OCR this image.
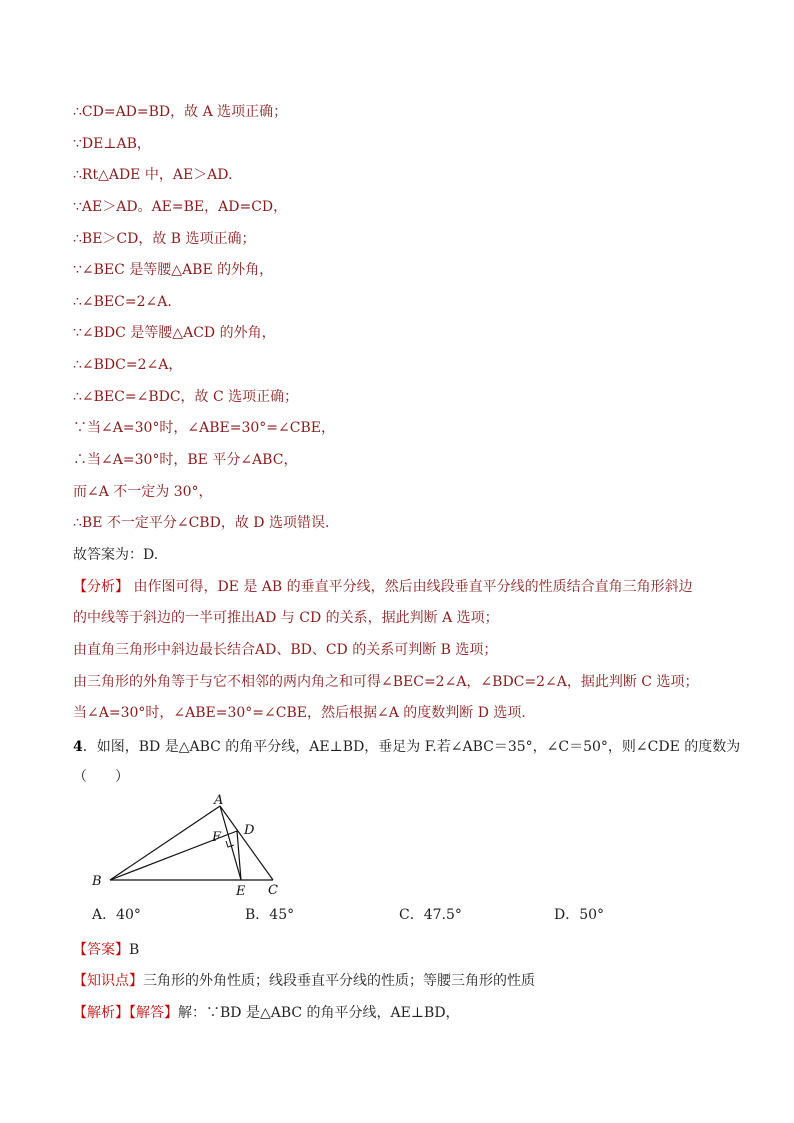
∴CD=AD=BD，故 A 选项正确；
∵DE⊥AB，
∴Rt△ADE 中，AE＞AD.
∵AE＞AD。AE=BE，AD=CD，
∴BE＞CD，故 B 选项正确；
∵∠BEC 是等腰△ABE 的外角，
∴∠BEC=2∠A.
∵∠BDC 是等腰△ACD 的外角，
∴∠BDC=2∠A，
∴∠BEC=∠BDC，故 C 选项正确；
∵当∠A=30°时，∠ABE=30°=∠CBE，
∴当∠A=30°时，BE 平分∠ABC，
而∠A 不一定为 30°，
∴BE 不一定平分∠CBD，故 D 选项错误.
故答案为：D.
【分析】 由作图可得，DE 是 AB 的垂直平分线，然后由线段垂直平分线的性质结合直角三角形斜边
的中线等于斜边的一半可推出AD 与 CD 的关系，据此判断 A 选项；
由直角三角形中斜边最长结合AD、BD、CD 的关系可判断 B 选项；
由三角形的外角等于与它不相邻的两内角之和可得∠BEC=2∠A，∠BDC=2∠A，据此判断 C 选项；
当∠A=30°时，∠ABE=30°=∠CBE，然后根据∠A 的度数判断 D 选项.
4．如图，BD 是△ABC 的角平分线，AE⊥BD，垂足为 F.若∠ABC＝35°，∠C＝50°，则∠CDE 的度数为
（　　）
A
B
C
D
E
F
A．40°	B．45°	C．47.5°	D．50°
【答案】B
【知识点】三角形的外角性质；线段垂直平分线的性质；等腰三角形的性质
【解析】【解答】解：∵BD 是△ABC 的角平分线，AE⊥BD，
